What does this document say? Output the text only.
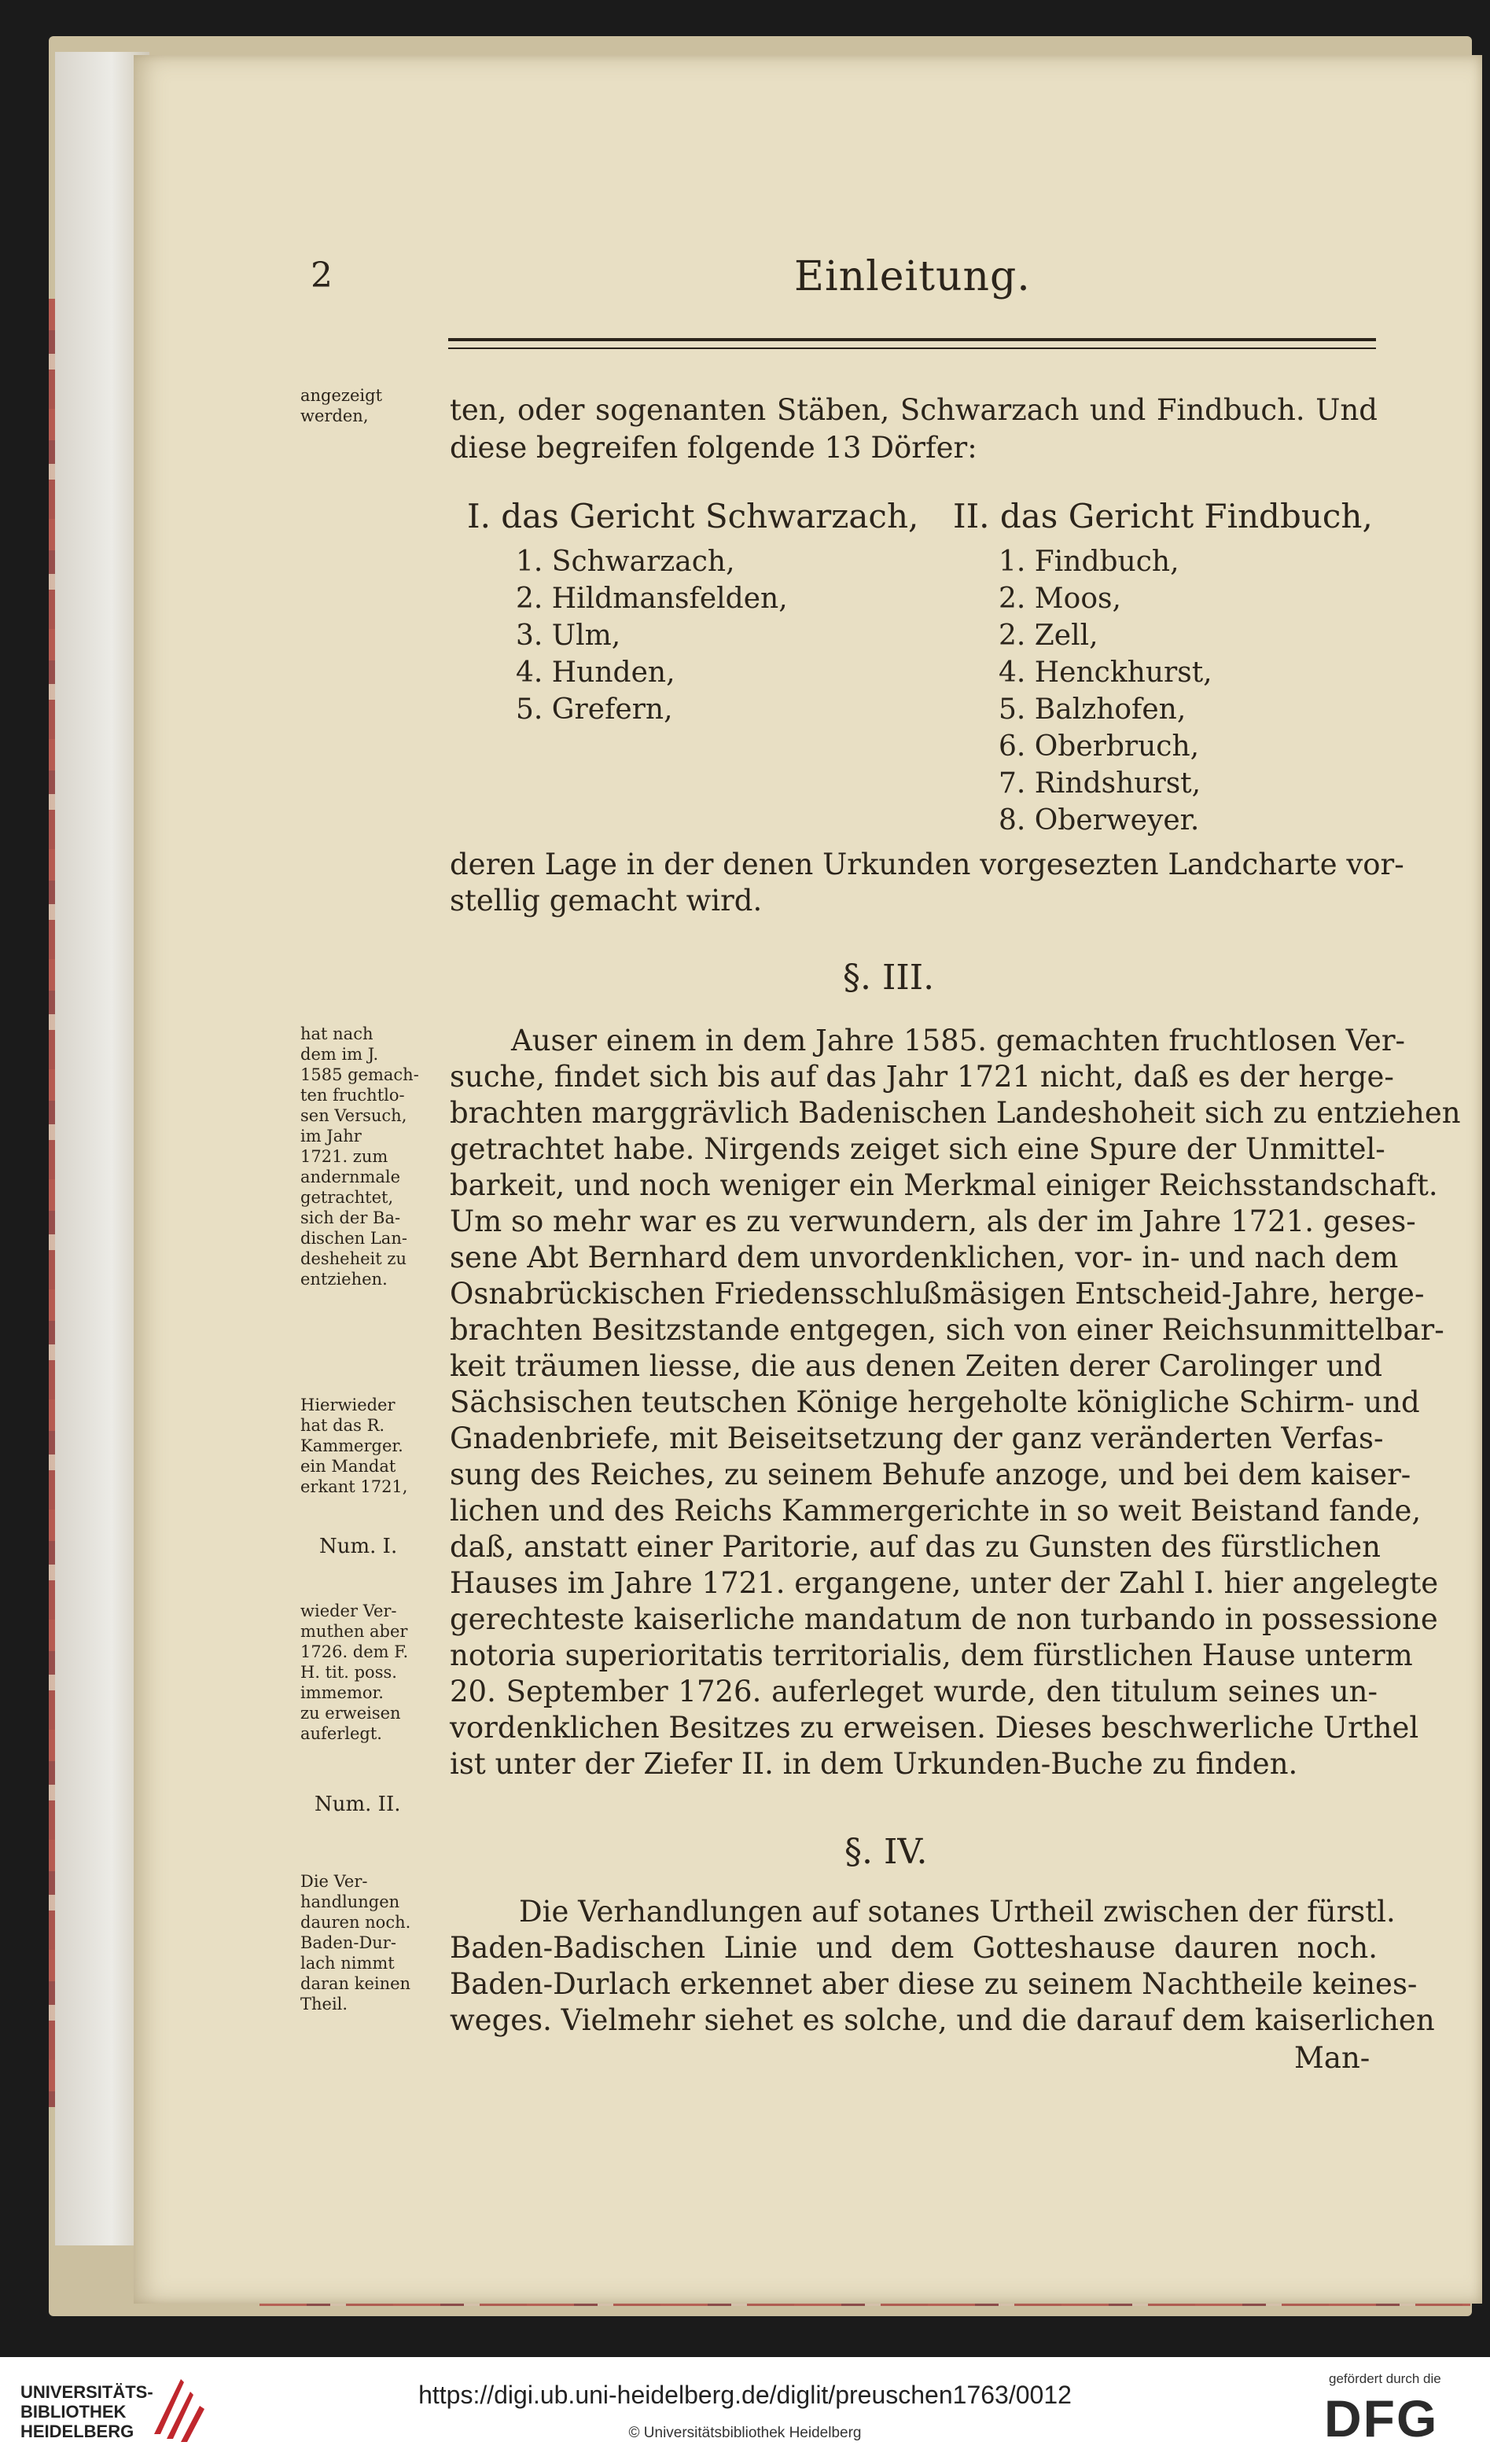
2	Einleitung.
angezeigt
werden,
hat nach
dem im J.
1585 gemach-
ten fruchtlo-
sen Versuch,
im Jahr
1721. zum
andernmale
getrachtet,
sich der Ba-
dischen Lan-
desheheit zu
entziehen.
Hierwieder
hat das R.
Kammerger.
ein Mandat
erkant 1721,
Num. I.
wieder Ver-
muthen aber
1726. dem F.
H. tit. poss.
immemor.
zu erweisen
auferlegt.
Num. II.
Die Ver-
handlungen
dauren noch.
Baden-Dur-
lach nimmt
daran keinen
Theil.
ten, oder sogenanten Stäben, Schwarzach und Findbuch. Und
diese begreifen folgende 13 Dörfer:
I. das Gericht Schwarzach, II. das Gericht Findbuch,
1. Schwarzach,
2. Hildmansfelden,
3. Ulm,
4. Hunden,
5. Grefern,
1. Findbuch,
2. Moos,
2. Zell,
4. Henckhurst,
5. Balzhofen,
6. Oberbruch,
7. Rindshurst,
8. Oberweyer.
deren Lage in der denen Urkunden vorgesezten Landcharte vor-
stellig gemacht wird.
§. III.
Auser einem in dem Jahre 1585. gemachten fruchtlosen Ver-
suche, findet sich bis auf das Jahr 1721 nicht, daß es der herge-
brachten marggrävlich Badenischen Landeshoheit sich zu entziehen
getrachtet habe. Nirgends zeiget sich eine Spure der Unmittel-
barkeit, und noch weniger ein Merkmal einiger Reichsstandschaft.
Um so mehr war es zu verwundern, als der im Jahre 1721. geses-
sene Abt Bernhard dem unvordenklichen, vor- in- und nach dem
Osnabrückischen Friedensschlußmäsigen Entscheid-Jahre, herge-
brachten Besitzstande entgegen, sich von einer Reichsunmittelbar-
keit träumen liesse, die aus denen Zeiten derer Carolinger und
Sächsischen teutschen Könige hergeholte königliche Schirm- und
Gnadenbriefe, mit Beiseitsetzung der ganz veränderten Verfas-
sung des Reiches, zu seinem Behufe anzoge, und bei dem kaiser-
lichen und des Reichs Kammergerichte in so weit Beistand fande,
daß, anstatt einer Paritorie, auf das zu Gunsten des fürstlichen
Hauses im Jahre 1721. ergangene, unter der Zahl I. hier angelegte
gerechteste kaiserliche mandatum de non turbando in possessione
notoria superioritatis territorialis, dem fürstlichen Hause unterm
20. September 1726. auferleget wurde, den titulum seines un-
vordenklichen Besitzes zu erweisen. Dieses beschwerliche Urthel
ist unter der Ziefer II. in dem Urkunden-Buche zu finden.
§. IV.
Die Verhandlungen auf sotanes Urtheil zwischen der fürstl.
Baden-Badischen Linie und dem Gotteshause dauren noch.
Baden-Durlach erkennet aber diese zu seinem Nachtheile keines-
weges. Vielmehr siehet es solche, und die darauf dem kaiserlichen
Man-
UNIVERSITÄTS-
BIBLIOTHEK
HEIDELBERG
https://digi.ub.uni-heidelberg.de/diglit/preuschen1763/0012
© Universitätsbibliothek Heidelberg
gefördert durch die
DFG
